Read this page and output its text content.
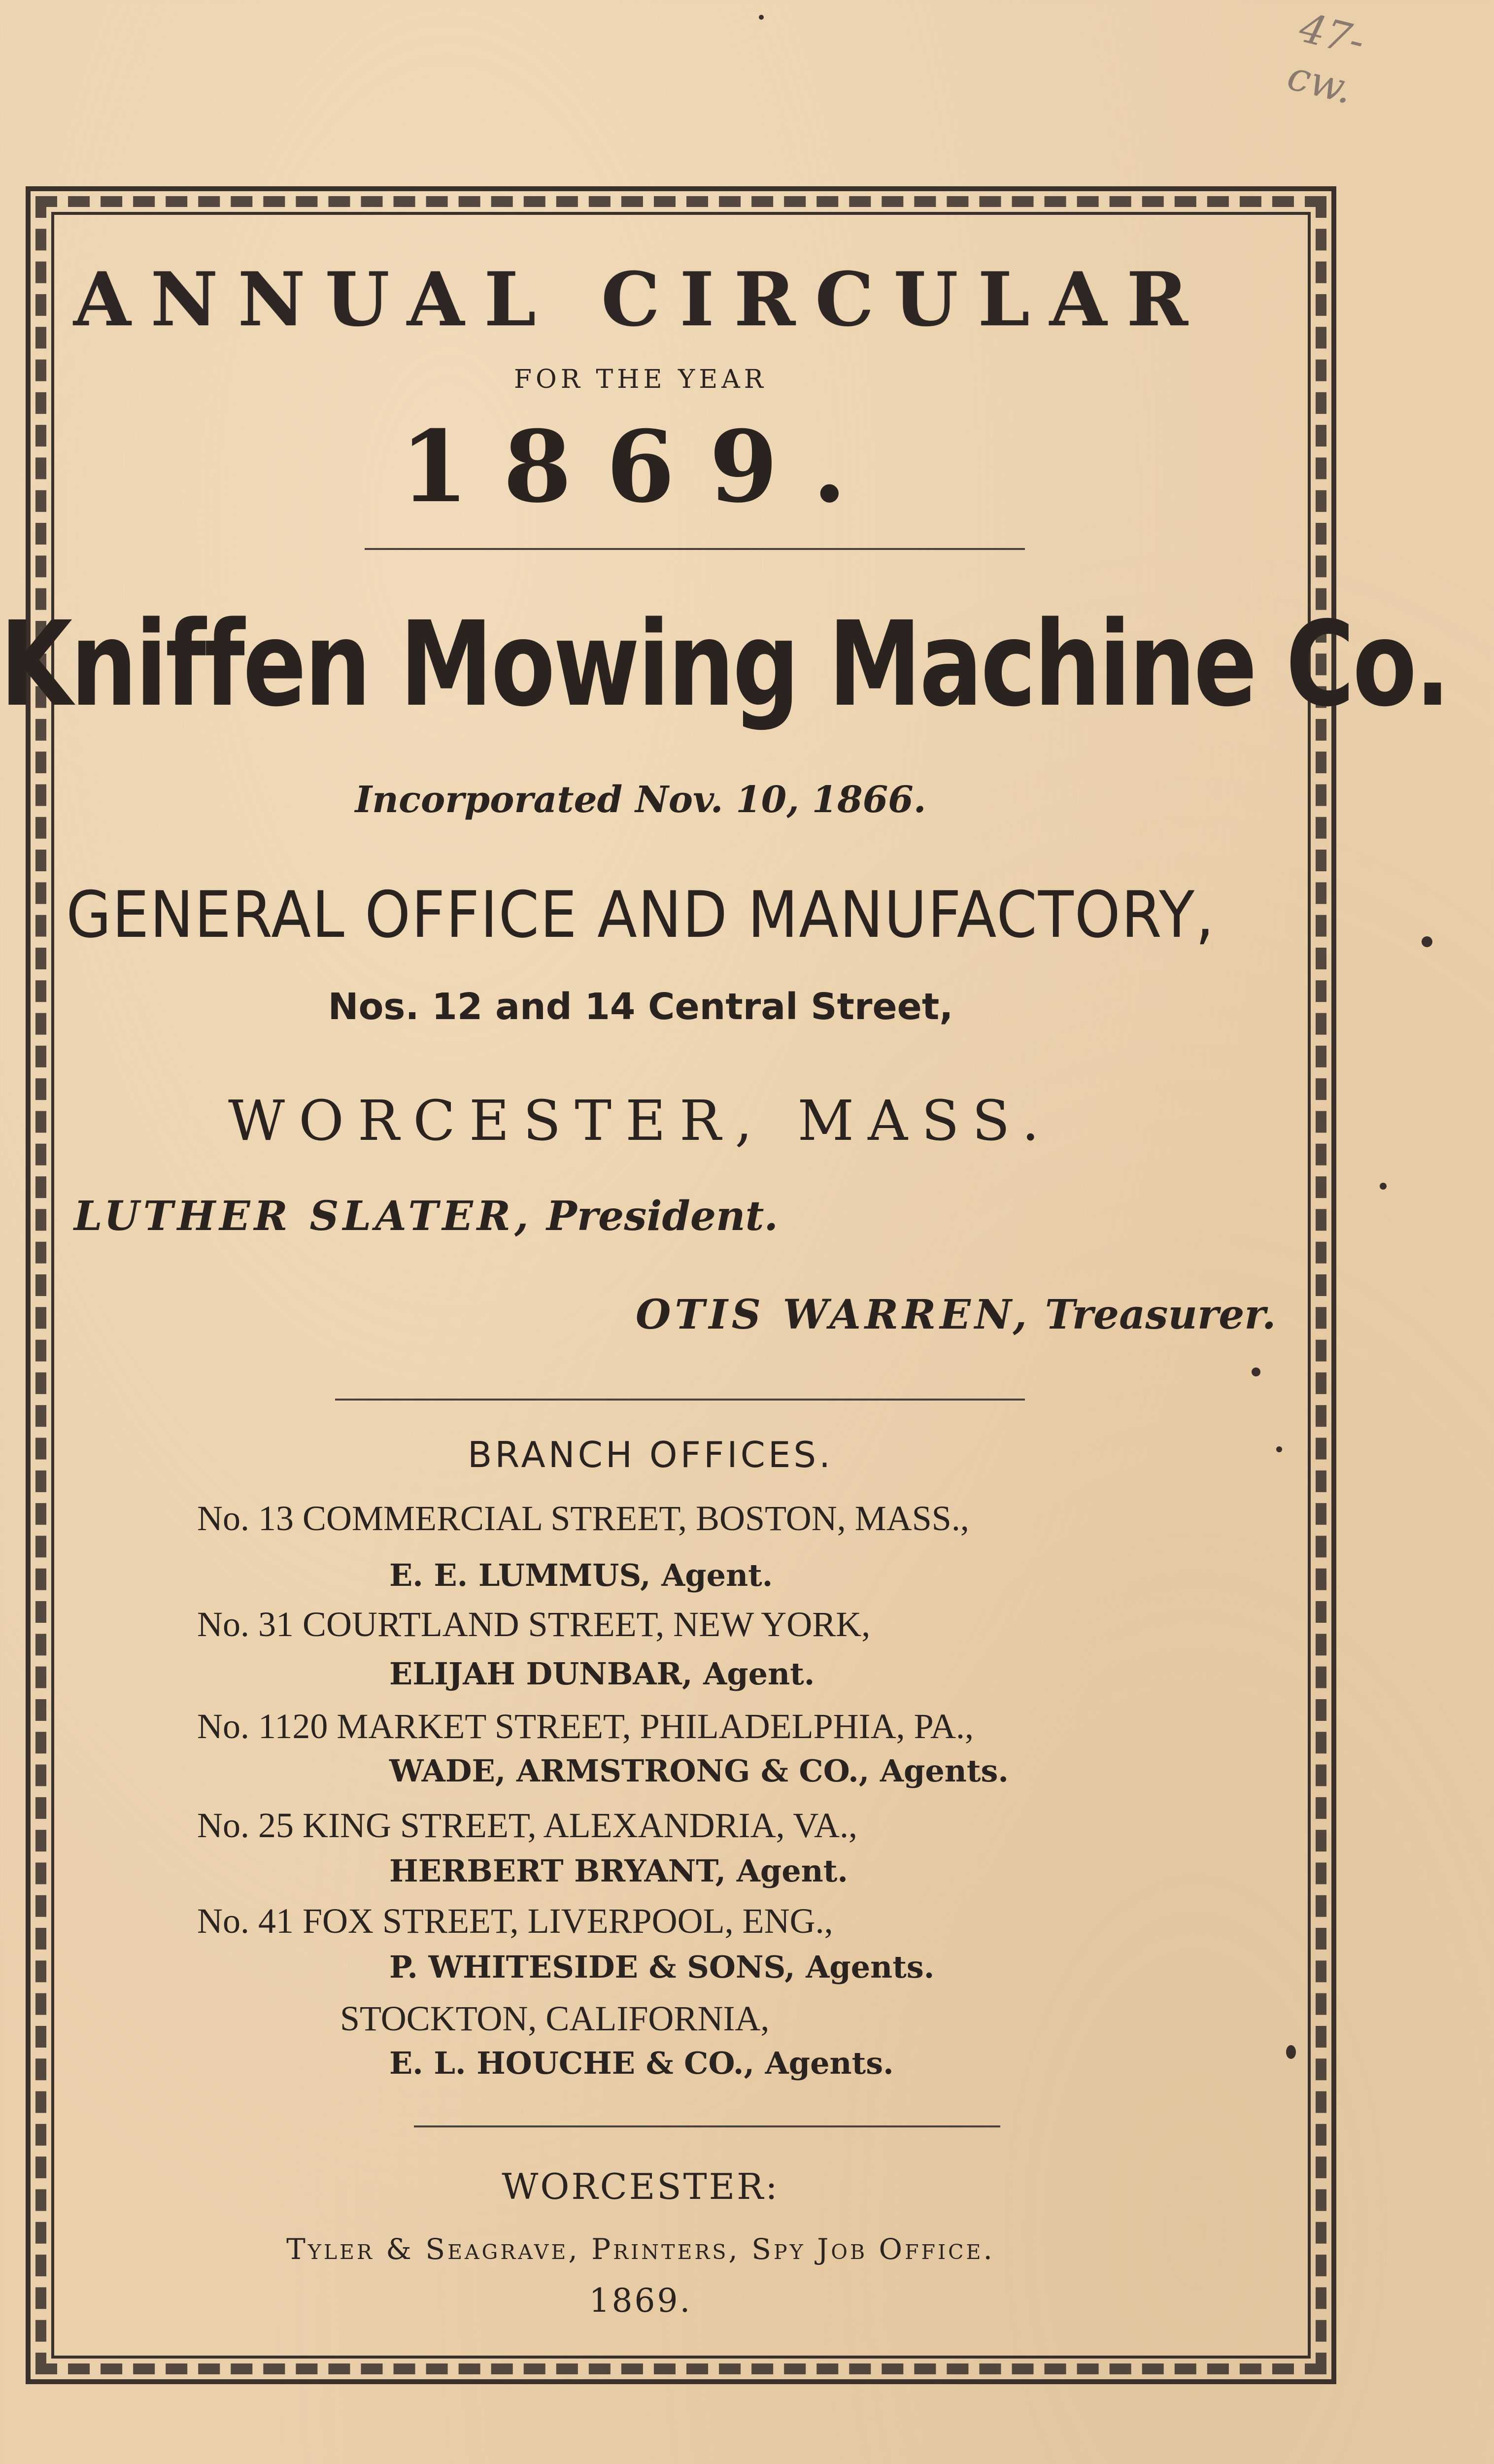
47-
cw.
ANNUAL CIRCULAR
FOR THE YEAR
1869.
Kniffen Mowing Machine Co.
Incorporated Nov. 10, 1866.
GENERAL OFFICE AND MANUFACTORY,
Nos. 12 and 14 Central Street,
WORCESTER, MASS.
LUTHER SLATER, President.
OTIS WARREN, Treasurer.
BRANCH OFFICES.
No. 13 COMMERCIAL STREET, BOSTON, MASS.,
E. E. LUMMUS, Agent.
No. 31 COURTLAND STREET, NEW YORK,
ELIJAH DUNBAR, Agent.
No. 1120 MARKET STREET, PHILADELPHIA, PA.,
WADE, ARMSTRONG & CO., Agents.
No. 25 KING STREET, ALEXANDRIA, VA.,
HERBERT BRYANT, Agent.
No. 41 FOX STREET, LIVERPOOL, ENG.,
P. WHITESIDE & SONS, Agents.
STOCKTON, CALIFORNIA,
E. L. HOUCHE & CO., Agents.
WORCESTER:
Tyler & Seagrave, Printers, Spy Job Office.
1869.
